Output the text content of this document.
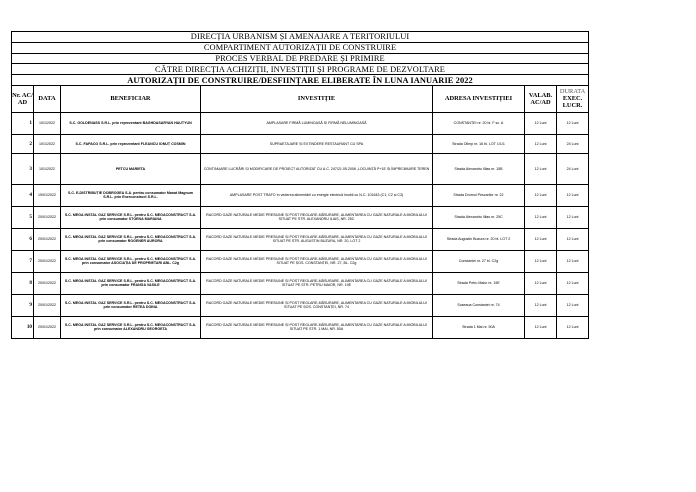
DIRECȚIA URBANISM ȘI AMENAJARE A TERITORIULUI						
COMPARTIMENT AUTORIZAȚII DE CONSTRUIRE						
PROCES VERBAL DE PREDARE ȘI PRIMIRE						
CĂTRE DIRECȚIA ACHIZIȚII, INVESTIȚII ȘI PROGRAME DE DEZVOLTARE						
AUTORIZAȚII DE CONSTRUIRE/DESFIINȚARE ELIBERATE ÎN LUNA IANUARIE 2022						
Nr. AC/ AD	DATA	BENEFICIAR	INVESTIȚIE	ADRESA INVESTIȚIEI	VALAB. AC/AD	DURATA
EXEC. LUCR.
1	10/1/2022	S.C. GOLDENASS S.R.L. prin reprezentant BAGHDASARYAN HAUTYUN	AMPLASARE FIRMĂ LUMINOASĂ ȘI FIRMĂ NELUMINOASĂ	CONSTANȚEI nr. 20 bl. F sc. A	12 Luni	12 Luni
2	10/1/2022	S.C. FAPACO S.R.L. prin reprezentant FLEANCU IONUȚ COSMIN	SUPRAETAJARE ȘI EXTINDERE RESTAURANT CU SPA	Strada Olimp nr. 16 bl. LOT 1/1/1	12 Luni	24 Luni
3	10/1/2022	PETCU MARIETA	CONTINUARE LUCRĂRI ȘI MODIFICARE DE PROIECT AUTORIZAT CU A.C. 247/21.05.2006 ,LOCUINȚĂ P+1E ȘI ÎMPREJMUIRE TEREN	Strada Alexandru Illias nr. 15B	12 Luni	24 Luni
4	19/01/2022	S.C. E-DISTRIBUȚIE DOBROGEA S.A. pentru consumator Manat Magnum S.R.L. prin Enerconstruct S.R.L.	AMPLASARE POST TRAFO în vederea alimentării cu energie electrică imobil cu N.C. 101643 (C1, C2 și C3)	Strada Drumul Pescarilor nr. 22	12 Luni	12 Luni
5	20/01/2022	S.C. MEGA INSTAL GAZ SERVICE S.R.L. pentru S.C. MEGACONSTRUCT S.A. prin consumator STOENA MARIANA	RACORD GAZE NATURALE MEDIE PRESIUNE ȘI POST REGLARE-MĂSURARE, ALIMENTAREA CU GAZE NATURALE A IMOBILULUI SITUAT PE STR. ALEXANDRU ILIAȘ, NR. 25C	Strada Alexandru Illias nr. 25C	12 Luni	12 Luni
6	20/01/2022	S.C. MEGA INSTAL GAZ SERVICE S.R.L. pentru S.C. MEGACONSTRUCT S.A. prin consumator ROGENER AURORA	RACORD GAZE NATURALE MEDIE PRESIUNE ȘI POST REGLARE-MĂSURARE, ALIMENTAREA CU GAZE NATURALE A IMOBILULUI SITUAT PE STR. AUGUSTIN BUZURA, NR. 20, LOT 2	Strada Augustin Buzura nr. 20 bl. LOT 2	12 Luni	12 Luni
7	20/01/2022	S.C. MEGA INSTAL GAZ SERVICE S.R.L. pentru S.C. MEGACONSTRUCT S.A. prin consumator ASOCIAȚIA DE PROPRIETARI ABL. C2g	RACORD GAZE NATURALE MEDIE PRESIUNE ȘI POST REGLARE-MĂSURARE, ALIMENTAREA CU GAZE NATURALE A IMOBILULUI SITUAT PE ȘOS. CONSTANȚEI, NR. 27, BL. C2g	Constanței nr. 27 bl. C2g	12 Luni	12 Luni
8	20/01/2022	S.C. MEGA INSTAL GAZ SERVICE S.R.L. pentru S.C. MEGACONSTRUCT S.A. prin consumator FRANGA VASILE	RACORD GAZE NATURALE MEDIE PRESIUNE ȘI POST REGLARE-MĂSURARE, ALIMENTAREA CU GAZE NATURALE A IMOBILULUI SITUAT PE STR. PETRU MAIOR, NR. 19E	Strada Petru Maior nr. 19E	12 Luni	12 Luni
9	20/01/2022	S.C. MEGA INSTAL GAZ SERVICE S.R.L. pentru S.C. MEGACONSTRUCT S.A. prin consumator REȚEA DOINA	RACORD GAZE NATURALE MEDIE PRESIUNE ȘI POST REGLARE-MĂSURARE, ALIMENTAREA CU GAZE NATURALE A IMOBILULUI SITUAT PE ȘOS. CONSTANȚEI, NR. 74	Șoseaua Constanței nr. 74	12 Luni	12 Luni
10	20/01/2022	S.C. MEGA INSTAL GAZ SERVICE S.R.L. pentru S.C. MEGACONSTRUCT S.A. prin consumator ALEXANDRU GEORGETA	RACORD GAZE NATURALE MEDIE PRESIUNE ȘI POST REGLARE-MĂSURARE, ALIMENTAREA CU GAZE NATURALE A IMOBILULUI SITUAT PE STR. 1 MAI, NR. 50A	Strada 1 Mai nr. 50A	12 Luni	12 Luni
